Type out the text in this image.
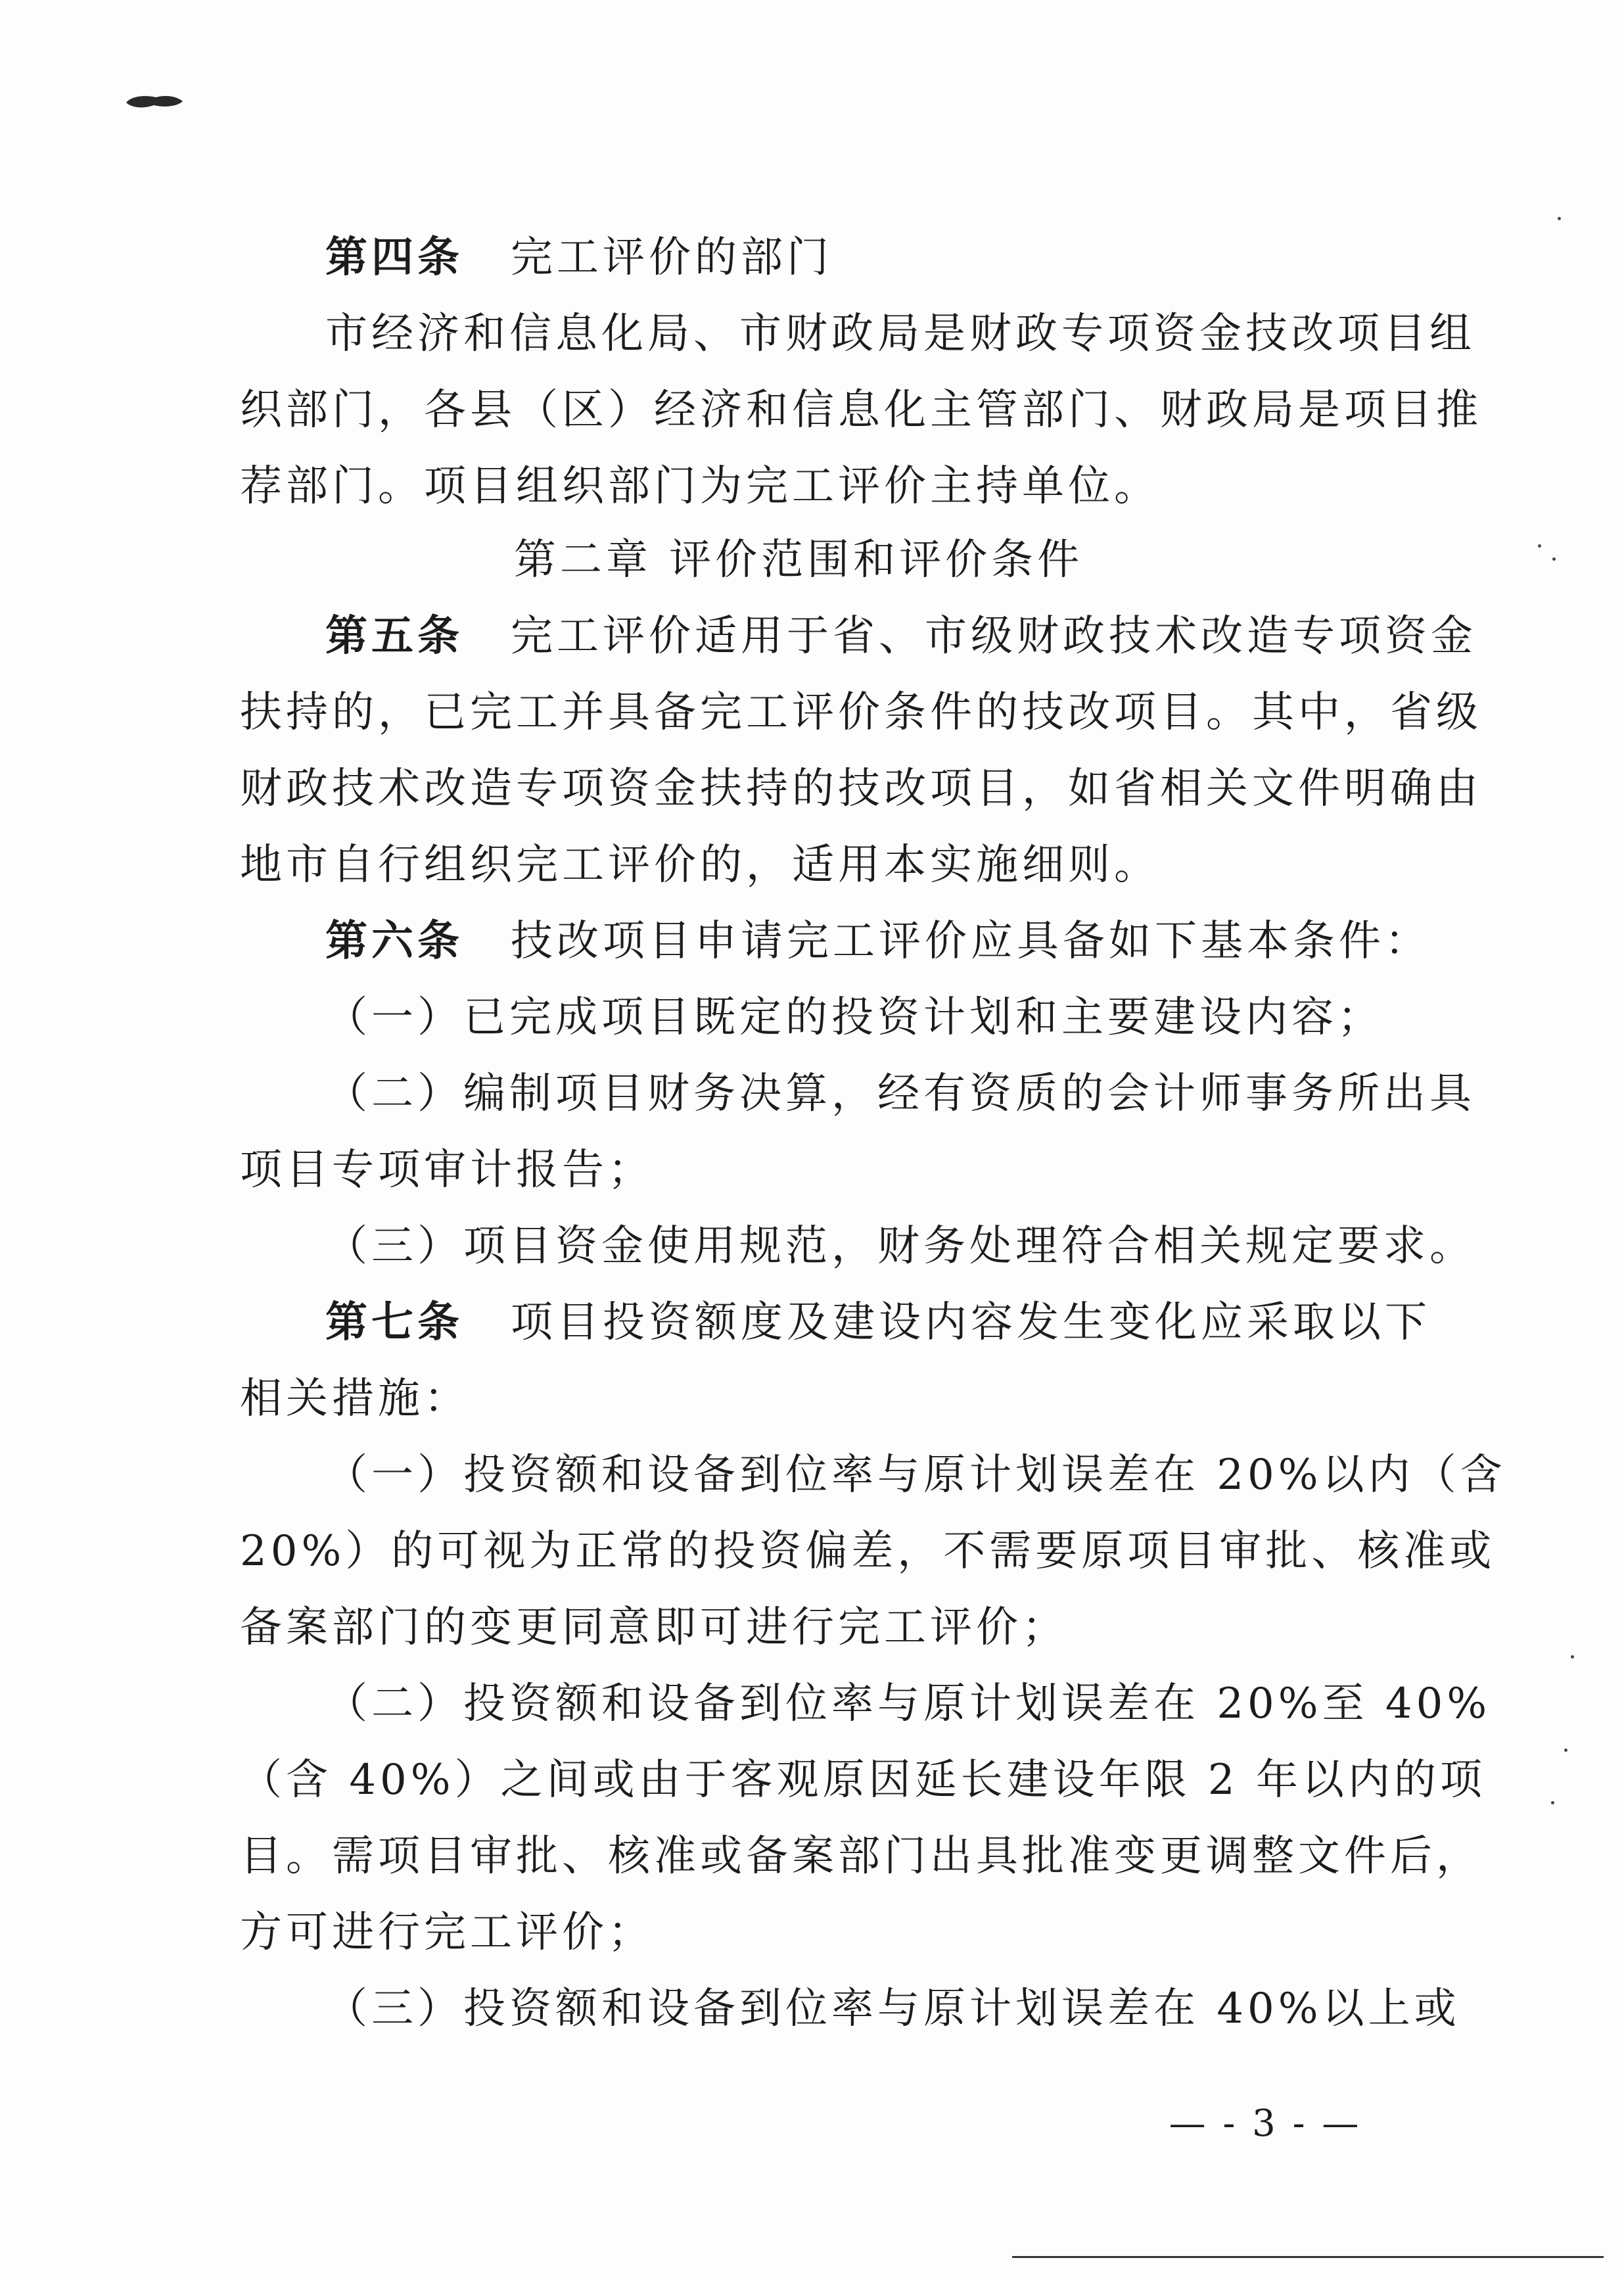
第四条 完工评价的部门
市经济和信息化局、市财政局是财政专项资金技改项目组
织部门，各县（区）经济和信息化主管部门、财政局是项目推
荐部门。项目组织部门为完工评价主持单位。
第二章 评价范围和评价条件
第五条 完工评价适用于省、市级财政技术改造专项资金
扶持的，已完工并具备完工评价条件的技改项目。其中，省级
财政技术改造专项资金扶持的技改项目，如省相关文件明确由
地市自行组织完工评价的，适用本实施细则。
第六条 技改项目申请完工评价应具备如下基本条件：
（一）已完成项目既定的投资计划和主要建设内容；
（二）编制项目财务决算，经有资质的会计师事务所出具
项目专项审计报告；
（三）项目资金使用规范，财务处理符合相关规定要求。
第七条 项目投资额度及建设内容发生变化应采取以下
相关措施：
（一）投资额和设备到位率与原计划误差在 20%以内（含
20%）的可视为正常的投资偏差，不需要原项目审批、核准或
备案部门的变更同意即可进行完工评价；
（二）投资额和设备到位率与原计划误差在 20%至 40%
（含 40%）之间或由于客观原因延长建设年限 2 年以内的项
目。需项目审批、核准或备案部门出具批准变更调整文件后，
方可进行完工评价；
（三）投资额和设备到位率与原计划误差在 40%以上或
— - 3 - —
